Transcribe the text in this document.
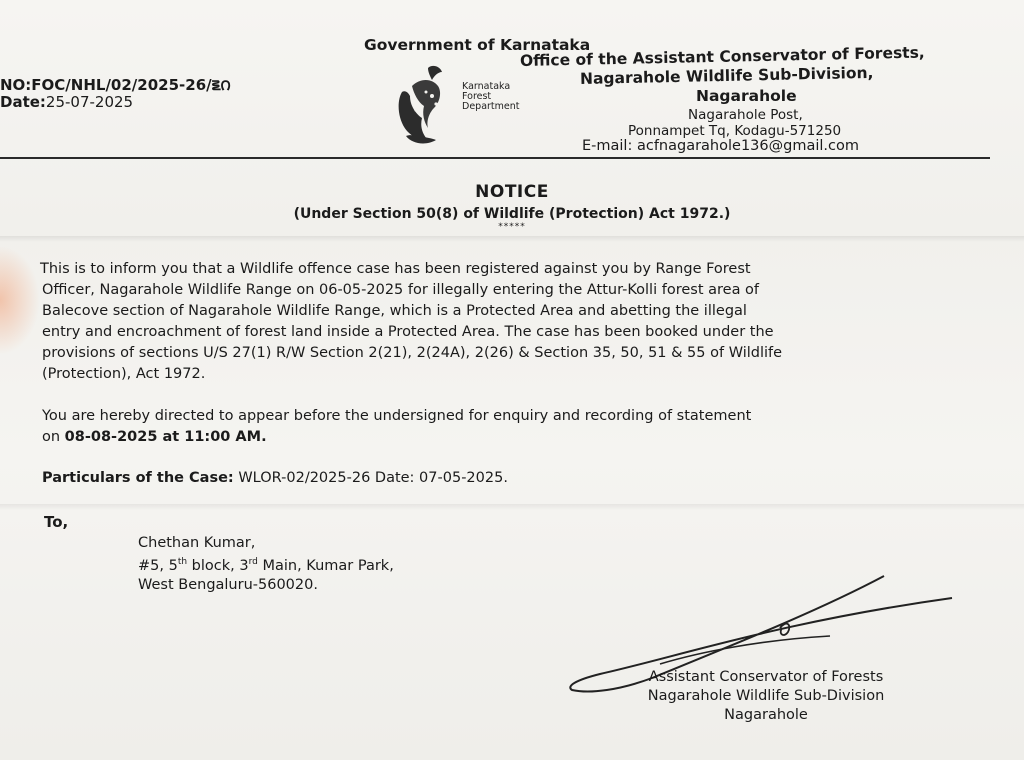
Government of Karnataka
Office of the Assistant Conservator of Forests,
Nagarahole Wildlife Sub-Division,
Nagarahole
Nagarahole Post,
Ponnampet Tq, Kodagu-571250
E-mail: acfnagarahole136@gmail.com
NO:FOC/NHL/02/2025-26/౾౧
Date:25-07-2025
Karnataka
Forest
Department
NOTICE
(Under Section 50(8) of Wildlife (Protection) Act 1972.)
*****
This is to inform you that a Wildlife offence case has been registered against you by Range Forest
Officer, Nagarahole Wildlife Range on 06-05-2025 for illegally entering the Attur-Kolli forest area of
Balecove section of Nagarahole Wildlife Range, which is a Protected Area and abetting the illegal
entry and encroachment of forest land inside a Protected Area. The case has been booked under the
provisions of sections U/S 27(1) R/W Section 2(21), 2(24A), 2(26) & Section 35, 50, 51 & 55 of Wildlife
(Protection), Act 1972.
You are hereby directed to appear before the undersigned for enquiry and recording of statement
on 08-08-2025 at 11:00 AM.
Particulars of the Case: WLOR-02/2025-26 Date: 07-05-2025.
To,
Chethan Kumar,
#5, 5th block, 3rd Main, Kumar Park,
West Bengaluru-560020.
Assistant Conservator of Forests
Nagarahole Wildlife Sub-Division
Nagarahole
